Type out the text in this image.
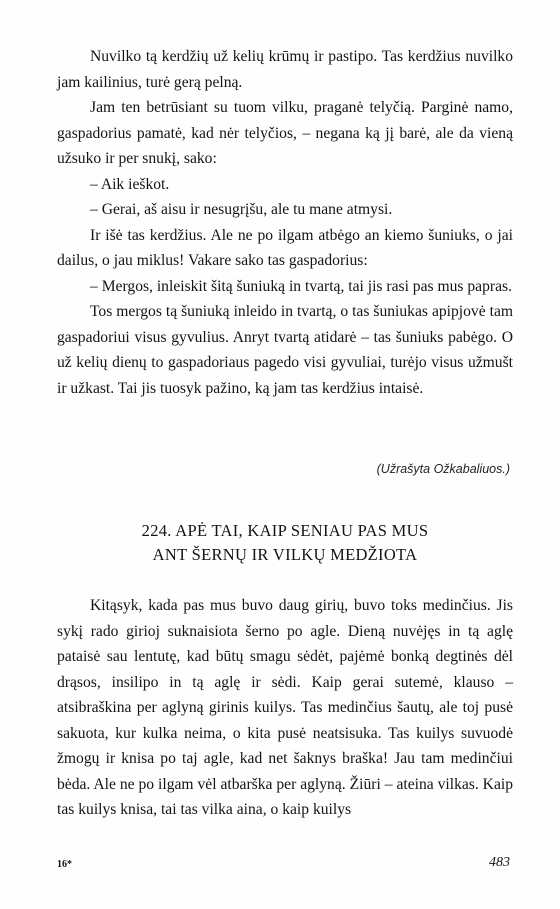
Nuvilko tą kerdžių už kelių krūmų ir pastipo. Tas kerdžius nuvilko jam kailinius, turė gerą pelną.

Jam ten betrūsiant su tuom vilku, praganė telyčią. Parginė namo, gaspadorius pamatė, kad nėr telyčios, – negana ką jį barė, ale da vieną užsuko ir per snukį, sako:

– Aik ieškot.

– Gerai, aš aisu ir nesugrįšu, ale tu mane atmysi.

Ir išė tas kerdžius. Ale ne po ilgam atbėgo an kiemo šuniuks, o jai dailus, o jau miklus! Vakare sako tas gaspadorius:

– Mergos, inleiskit šitą šuniuką in tvartą, tai jis rasi pas mus papras.

Tos mergos tą šuniuką inleido in tvartą, o tas šuniukas apipjovė tam gaspadoriui visus gyvulius. Anryt tvartą atidarė – tas šuniuks pabėgo. O už kelių dienų to gaspadoriaus pagedo visi gyvuliai, turėjo visus užmušt ir užkast. Tai jis tuosyk pažino, ką jam tas kerdžius intaisė.

(Užrašyta Ožkabaliuos.)
224. APĖ TAI, KAIP SENIAU PAS MUS
ANT ŠERNŲ IR VILKŲ MEDŽIOTA

Kitąsyk, kada pas mus buvo daug girių, buvo toks medinčius. Jis sykį rado girioj suknaisiota šerno po agle. Dieną nuvėjęs in tą aglę pataisė sau lentutę, kad būtų smagu sėdėt, pajėmė bonką degtinės dėl drąsos, insilipo in tą aglę ir sėdi. Kaip gerai sutemė, klauso – atsibraškina per aglyną girinis kuilys. Tas medinčius šautų, ale toj pusė sakuota, kur kulka neima, o kita pusė neatsisuka. Tas kuilys suvuodė žmogų ir knisa po taj agle, kad net šaknys braška! Jau tam medinčiui bėda. Ale ne po ilgam vėl atbarška per aglyną. Žiūri – ateina vilkas. Kaip tas kuilys knisa, tai tas vilka aina, o kaip kuilys

16*	483
